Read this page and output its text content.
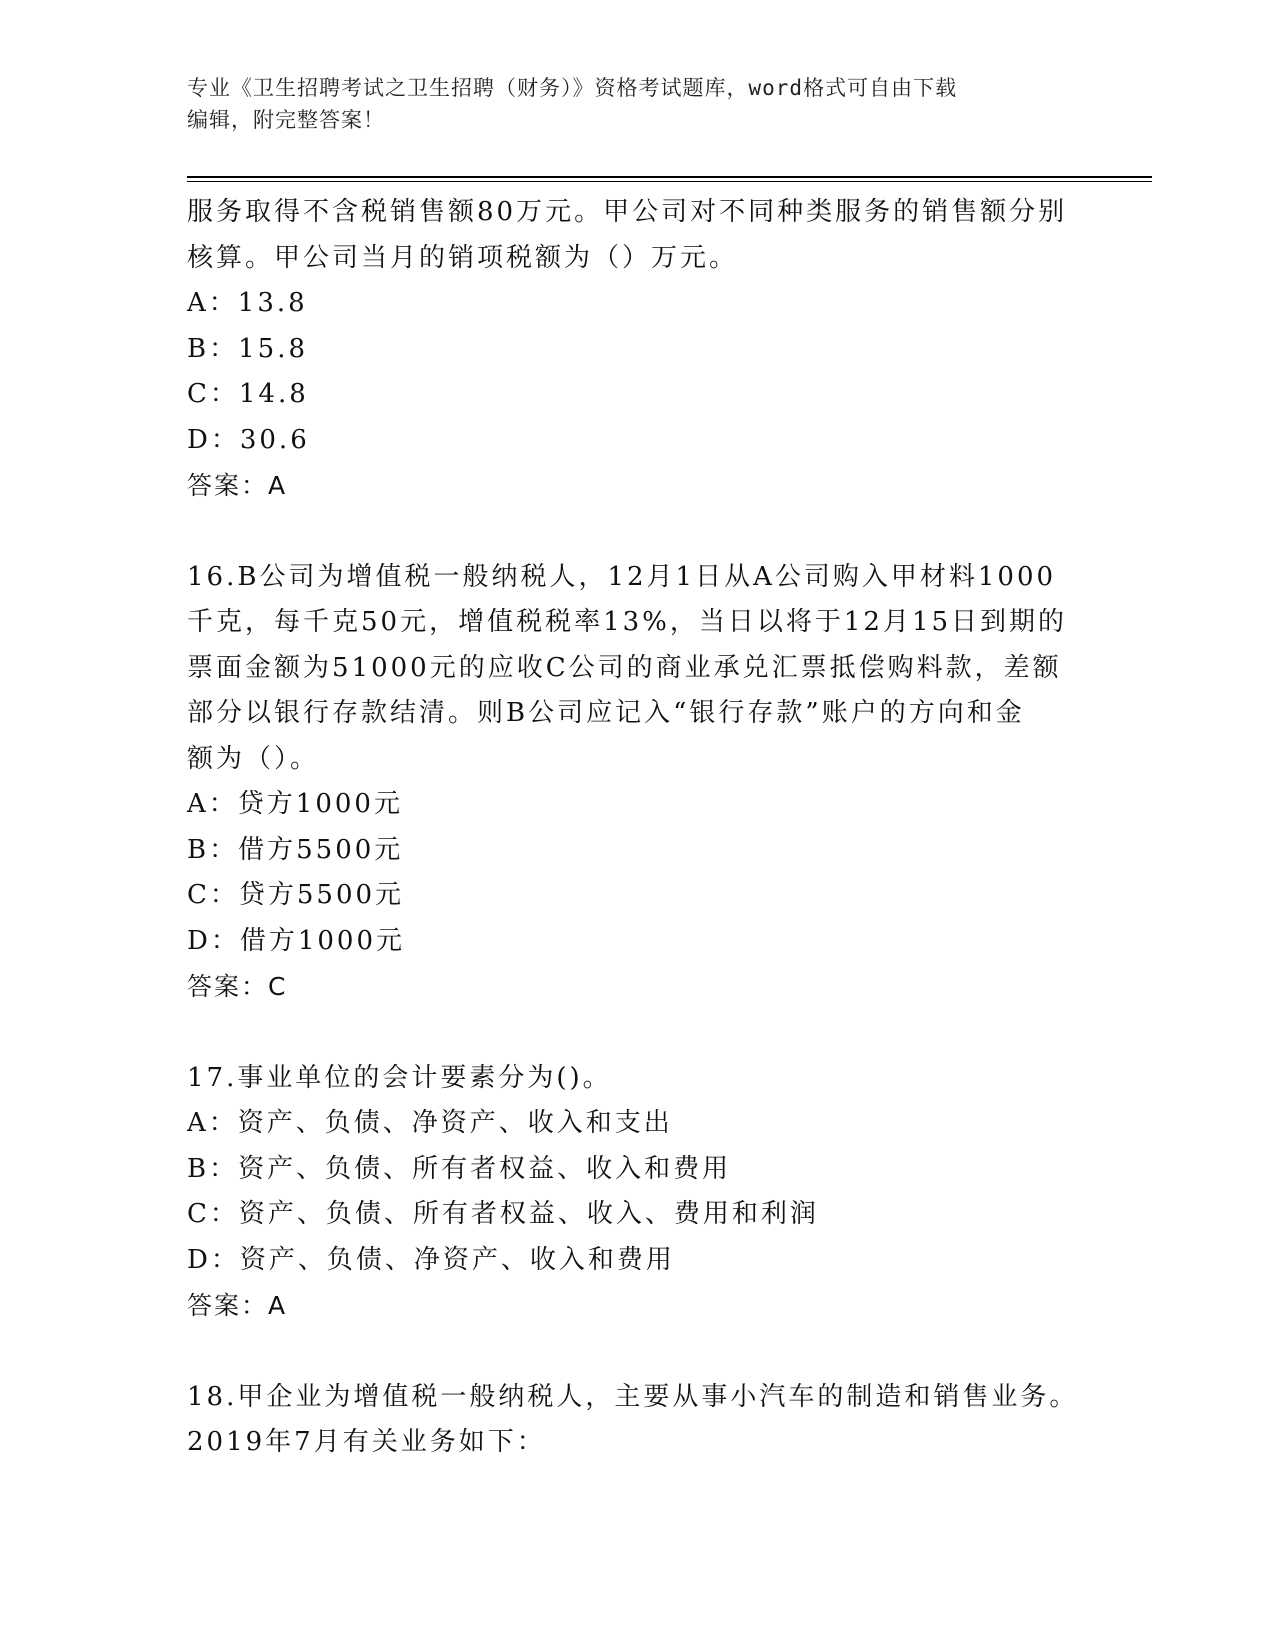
专业《卫生招聘考试之卫生招聘（财务）》资格考试题库，word格式可自由下载
编辑，附完整答案！
服务取得不含税销售额80万元。甲公司对不同种类服务的销售额分别
核算。甲公司当月的销项税额为（）万元。
A：13.8
B：15.8
C：14.8
D：30.6
答案：A
16.B公司为增值税一般纳税人，12月1日从A公司购入甲材料1000
千克，每千克50元，增值税税率13%，当日以将于12月15日到期的
票面金额为51000元的应收C公司的商业承兑汇票抵偿购料款，差额
部分以银行存款结清。则B公司应记入“银行存款”账户的方向和金
额为（）。
A：贷方1000元
B：借方5500元
C：贷方5500元
D：借方1000元
答案：C
17.事业单位的会计要素分为()。
A：资产、负债、净资产、收入和支出
B：资产、负债、所有者权益、收入和费用
C：资产、负债、所有者权益、收入、费用和利润
D：资产、负债、净资产、收入和费用
答案：A
18.甲企业为增值税一般纳税人，主要从事小汽车的制造和销售业务。
2019年7月有关业务如下：
